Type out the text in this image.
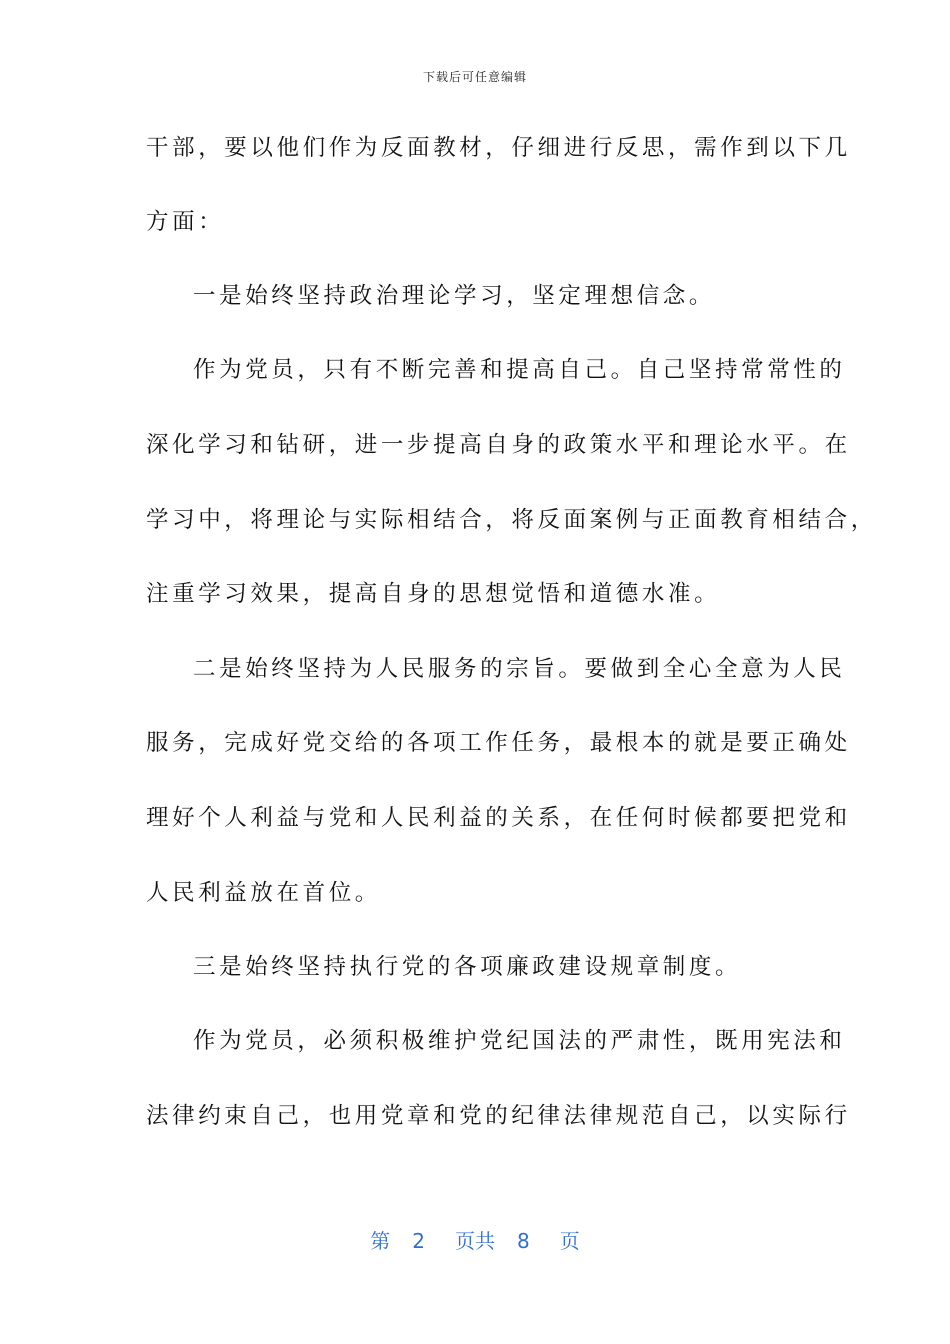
下载后可任意编辑
干部，要以他们作为反面教材，仔细进行反思，需作到以下几
方面：
一是始终坚持政治理论学习，坚定理想信念。
作为党员，只有不断完善和提高自己。自己坚持常常性的
深化学习和钻研，进一步提高自身的政策水平和理论水平。在
学习中，将理论与实际相结合，将反面案例与正面教育相结合，
注重学习效果，提高自身的思想觉悟和道德水准。
二是始终坚持为人民服务的宗旨。要做到全心全意为人民
服务，完成好党交给的各项工作任务，最根本的就是要正确处
理好个人利益与党和人民利益的关系，在任何时候都要把党和
人民利益放在首位。
三是始终坚持执行党的各项廉政建设规章制度。
作为党员，必须积极维护党纪国法的严肃性，既用宪法和
法律约束自己，也用党章和党的纪律法律规范自己，以实际行
第 2 页共 8 页
